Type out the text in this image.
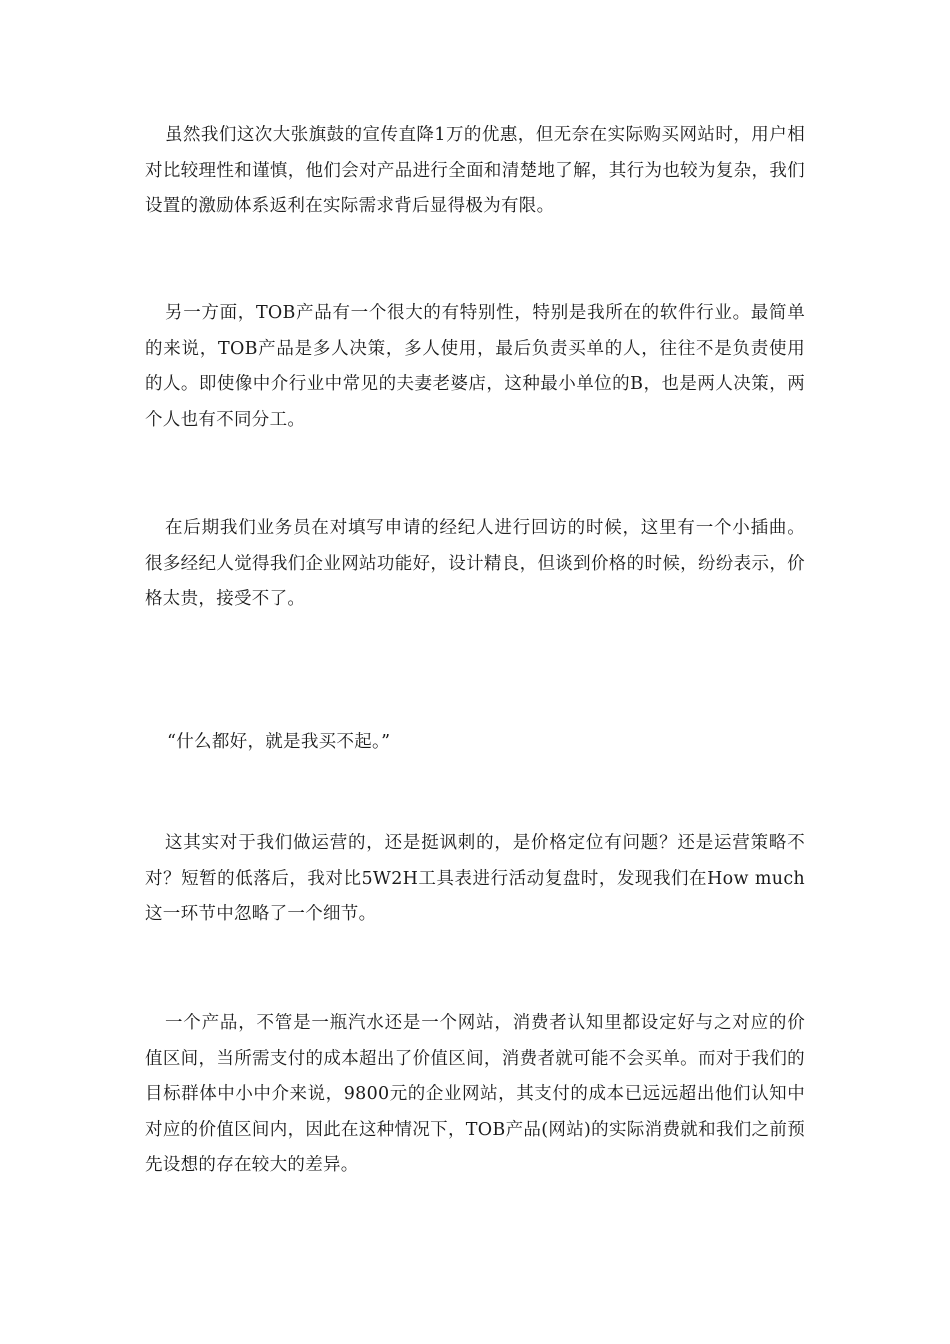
虽然我们这次大张旗鼓的宣传直降1万的优惠，但无奈在实际购买网站时，用户相对比较理性和谨慎，他们会对产品进行全面和清楚地了解，其行为也较为复杂，我们设置的激励体系返利在实际需求背后显得极为有限。

另一方面，TOB产品有一个很大的有特别性，特别是我所在的软件行业。最简单的来说，TOB产品是多人决策，多人使用，最后负责买单的人，往往不是负责使用的人。即使像中介行业中常见的夫妻老婆店，这种最小单位的B，也是两人决策，两个人也有不同分工。

在后期我们业务员在对填写申请的经纪人进行回访的时候，这里有一个小插曲。很多经纪人觉得我们企业网站功能好，设计精良，但谈到价格的时候，纷纷表示，价格太贵，接受不了。

“什么都好，就是我买不起。”

这其实对于我们做运营的，还是挺讽刺的，是价格定位有问题？还是运营策略不对？短暂的低落后，我对比5W2H工具表进行活动复盘时，发现我们在How much这一环节中忽略了一个细节。

一个产品，不管是一瓶汽水还是一个网站，消费者认知里都设定好与之对应的价值区间，当所需支付的成本超出了价值区间，消费者就可能不会买单。而对于我们的目标群体中小中介来说，9800元的企业网站，其支付的成本已远远超出他们认知中对应的价值区间内，因此在这种情况下，TOB产品(网站)的实际消费就和我们之前预先设想的存在较大的差异。
